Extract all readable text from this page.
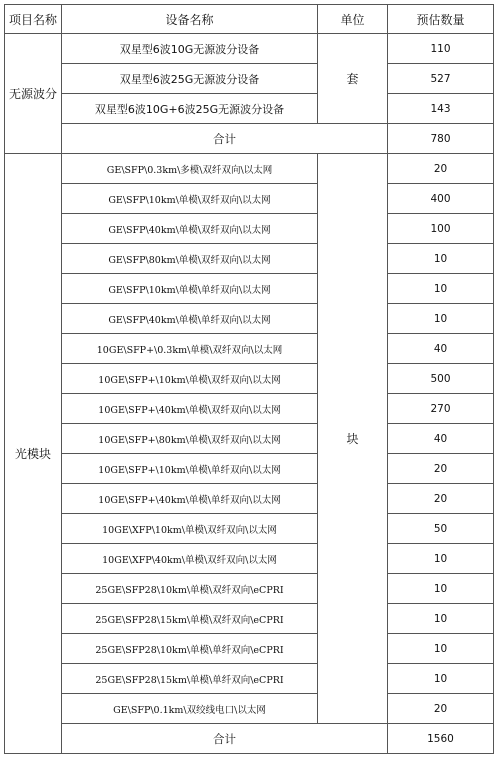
项目名称	设备名称	单位	预估数量
无源波分	双星型6波10G无源波分设备	套	110
	双星型6波25G无源波分设备		527
	双星型6波10G+6波25G无源波分设备		143
	合计		780
光模块	GE\SFP\0.3km\多模\双纤双向\以太网	块	20
	GE\SFP\10km\单模\双纤双向\以太网		400
	GE\SFP\40km\单模\双纤双向\以太网		100
	GE\SFP\80km\单模\双纤双向\以太网		10
	GE\SFP\10km\单模\单纤双向\以太网		10
	GE\SFP\40km\单模\单纤双向\以太网		10
	10GE\SFP+\0.3km\单模\双纤双向\以太网		40
	10GE\SFP+\10km\单模\双纤双向\以太网		500
	10GE\SFP+\40km\单模\双纤双向\以太网		270
	10GE\SFP+\80km\单模\双纤双向\以太网		40
	10GE\SFP+\10km\单模\单纤双向\以太网		20
	10GE\SFP+\40km\单模\单纤双向\以太网		20
	10GE\XFP\10km\单模\双纤双向\以太网		50
	10GE\XFP\40km\单模\双纤双向\以太网		10
	25GE\SFP28\10km\单模\双纤双向\eCPRI		10
	25GE\SFP28\15km\单模\双纤双向\eCPRI		10
	25GE\SFP28\10km\单模\单纤双向\eCPRI		10
	25GE\SFP28\15km\单模\单纤双向\eCPRI		10
	GE\SFP\0.1km\双绞线电口\以太网		20
	合计		1560
